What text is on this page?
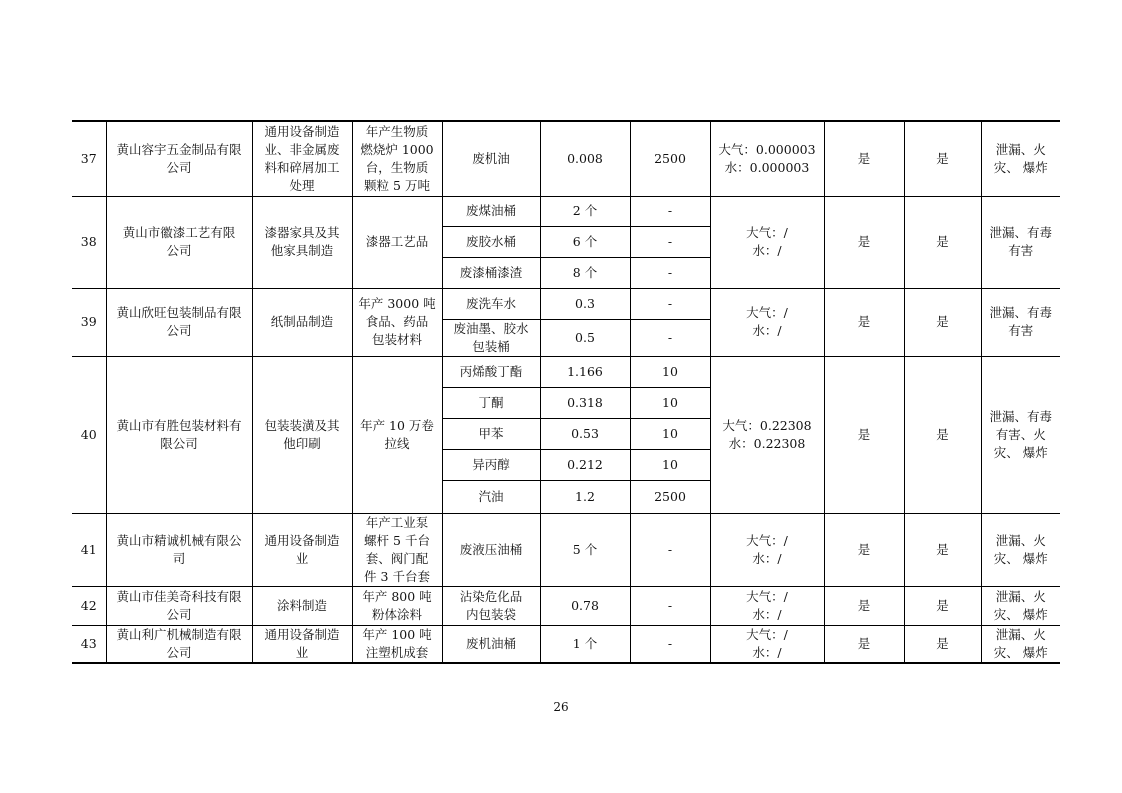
37	黄山容宇五金制品有限
公司	通用设备制造
业、非金属废
料和碎屑加工
处理	年产生物质
燃烧炉 1000
台，生物质
颗粒 5 万吨	废机油	0.008	2500	大气：0.000003
水：0.000003	是	是	泄漏、火
灾、 爆炸

38	黄山市徽漆工艺有限
公司	漆器家具及其
他家具制造	漆器工艺品	废煤油桶	2 个	-	大气：/
水：/	是	是	泄漏、有毒
有害

				废胶水桶	6 个	-				

				废漆桶漆渣	8 个	-				

39	黄山欣旺包装制品有限
公司	纸制品制造	年产 3000 吨
食品、药品
包装材料	废洗车水	0.3	-	大气：/
水：/	是	是	泄漏、有毒
有害

				废油墨、胶水
包装桶	0.5	-				

40	黄山市有胜包装材料有
限公司	包装装潢及其
他印刷	年产 10 万卷
拉线	丙烯酸丁酯	1.166	10	大气：0.22308
水：0.22308	是	是	泄漏、有毒
有害、火
灾、 爆炸

				丁酮	0.318	10				

				甲苯	0.53	10				

				异丙醇	0.212	10				

				汽油	1.2	2500				

41	黄山市精诚机械有限公
司	通用设备制造
业	年产工业泵
螺杆 5 千台
套、阀门配
件 3 千台套	废液压油桶	5 个	-	大气：/
水：/	是	是	泄漏、火
灾、 爆炸

42	黄山市佳美奇科技有限
公司	涂料制造	年产 800 吨
粉体涂料	沾染危化品
内包装袋	0.78	-	大气：/
水：/	是	是	泄漏、火
灾、 爆炸

43	黄山利广机械制造有限
公司	通用设备制造
业	年产 100 吨
注塑机成套	废机油桶	1 个	-	大气：/
水：/	是	是	泄漏、火
灾、 爆炸
26
